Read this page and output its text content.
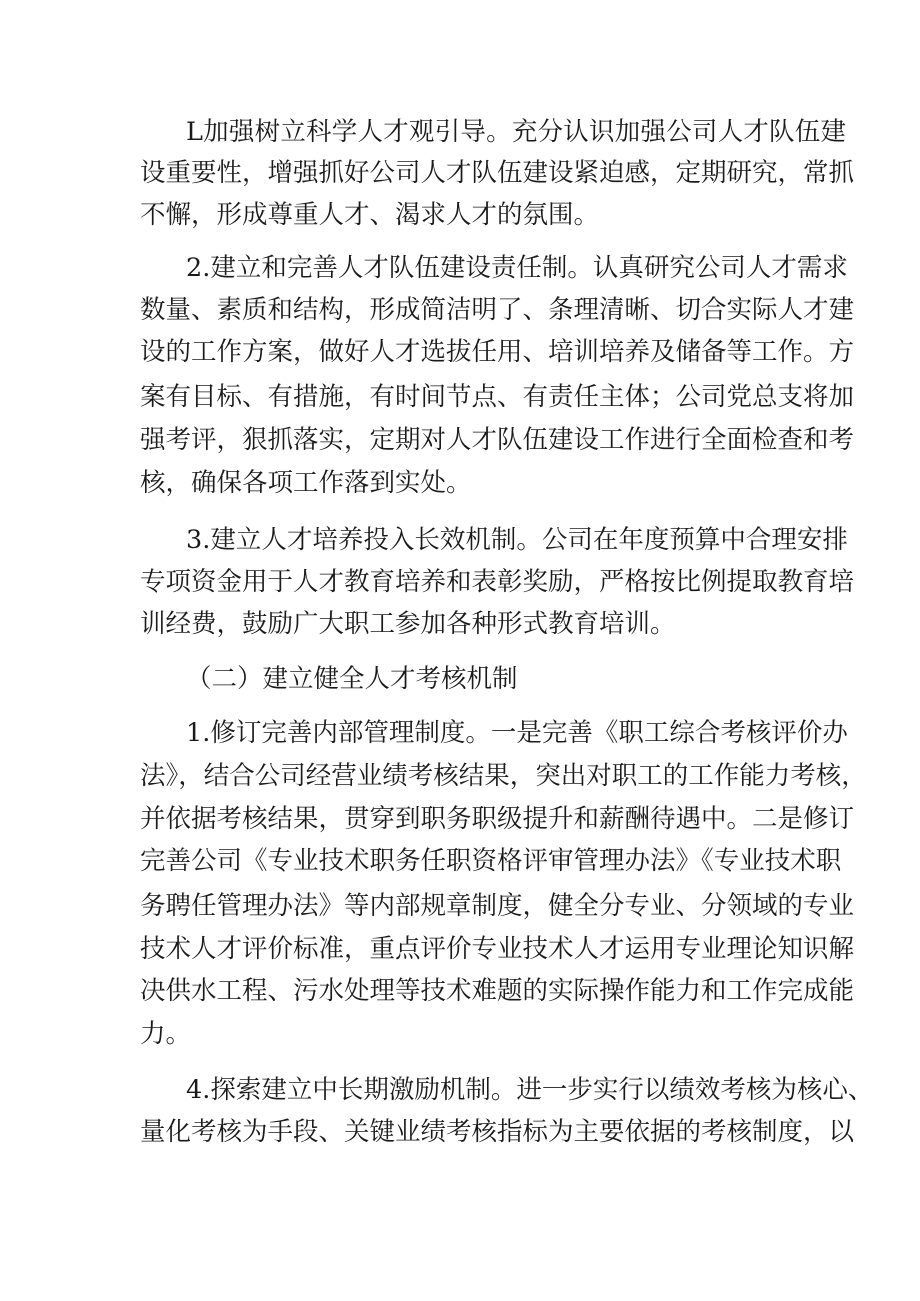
L加强树立科学人才观引导。充分认识加强公司人才队伍建
设重要性，增强抓好公司人才队伍建设紧迫感，定期研究，常抓
不懈，形成尊重人才、渴求人才的氛围。
2.建立和完善人才队伍建设责任制。认真研究公司人才需求
数量、素质和结构，形成简洁明了、条理清晰、切合实际人才建
设的工作方案，做好人才选拔任用、培训培养及储备等工作。方
案有目标、有措施，有时间节点、有责任主体；公司党总支将加
强考评，狠抓落实，定期对人才队伍建设工作进行全面检查和考
核，确保各项工作落到实处。
3.建立人才培养投入长效机制。公司在年度预算中合理安排
专项资金用于人才教育培养和表彰奖励，严格按比例提取教育培
训经费，鼓励广大职工参加各种形式教育培训。
（二）建立健全人才考核机制
1.修订完善内部管理制度。一是完善《职工综合考核评价办
法》，结合公司经营业绩考核结果，突出对职工的工作能力考核，
并依据考核结果，贯穿到职务职级提升和薪酬待遇中。二是修订
完善公司《专业技术职务任职资格评审管理办法》《专业技术职
务聘任管理办法》等内部规章制度，健全分专业、分领域的专业
技术人才评价标准，重点评价专业技术人才运用专业理论知识解
决供水工程、污水处理等技术难题的实际操作能力和工作完成能
力。
4.探索建立中长期激励机制。进一步实行以绩效考核为核心、
量化考核为手段、关键业绩考核指标为主要依据的考核制度，以
